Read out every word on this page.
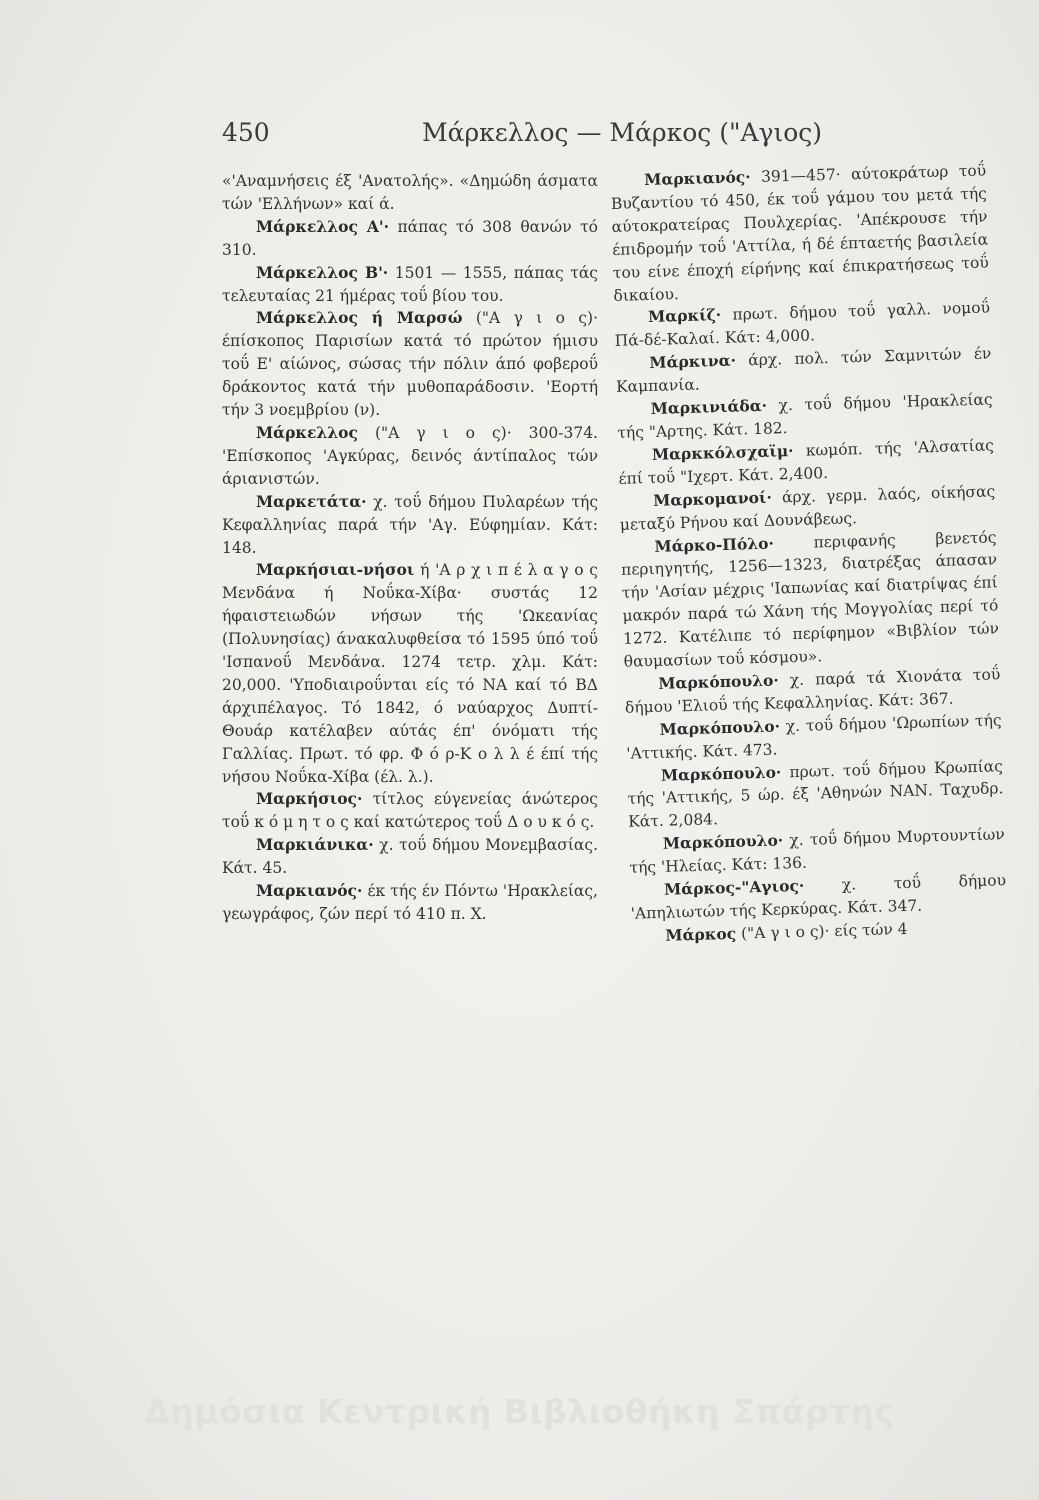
450	Μάρκελλος — Μάρκος ("Αγιος)

«'Αναμνήσεις έξ 'Ανατολής». «Δημώδη άσματα τών 'Ελλήνων» καί ά.

Μάρκελλος Α'· πάπας τό 308 θανών τό 310.

Μάρκελλος Β'· 1501 — 1555, πάπας τάς τελευταίας 21 ήμέρας τοΰ βίου του.

Μάρκελλος ή Μαρσώ ("Α γ ι ο ς)· έπίσκοπος Παρισίων κατά τό πρώτον ήμισυ τοΰ Ε' αίώνος, σώσας τήν πόλιν άπό φοβεροΰ δράκοντος κατά τήν μυθοπαράδοσιν. 'Εορτή τήν 3 νοεμβρίου (ν).

Μάρκελλος ("Α γ ι ο ς)· 300-374. 'Επίσκοπος 'Αγκύρας, δεινός άντίπαλος τών άριανιστών.

Μαρκετάτα· χ. τοΰ δήμου Πυλαρέων τής Κεφαλληνίας παρά τήν 'Αγ. Εύφημίαν. Κάτ: 148.

Μαρκήσιαι-νήσοι ή 'Α ρ χ ι π έ λ α γ ο ς Μενδάνα ή Νοΰκα-Χίβα· συστάς 12 ήφαιστειωδών νήσων τής 'Ωκεανίας (Πολυνησίας) άνακαλυφθείσα τό 1595 ύπό τοΰ 'Ισπανοΰ Μενδάνα. 1274 τετρ. χλμ. Κάτ: 20,000. 'Υποδιαιροΰνται είς τό ΝΑ καί τό ΒΔ άρχιπέλαγος. Τό 1842, ό ναύαρχος Δυπτί-Θουάρ κατέλαβεν αύτάς έπ' όνόματι τής Γαλλίας. Πρωτ. τό φρ. Φ ό ρ-Κ ο λ λ έ έπί τής νήσου Νοΰκα-Χίβα (έλ. λ.).

Μαρκήσιος· τίτλος εύγενείας άνώτερος τοΰ κ ό μ η τ ο ς καί κατώτερος τοΰ Δ ο υ κ ό ς.

Μαρκιάνικα· χ. τοΰ δήμου Μονεμβασίας. Κάτ. 45.

Μαρκιανός· έκ τής έν Πόντω 'Ηρακλείας, γεωγράφος, ζών περί τό 410 π. Χ.

Μαρκιανός· 391—457· αύτοκράτωρ τοΰ Βυζαντίου τό 450, έκ τοΰ γάμου του μετά τής αύτοκρατείρας Πουλχερίας. 'Απέκρουσε τήν έπιδρομήν τοΰ 'Αττίλα, ή δέ έπταετής βασιλεία του είνε έποχή είρήνης καί έπικρατήσεως τοΰ δικαίου.

Μαρκίζ· πρωτ. δήμου τοΰ γαλλ. νομοΰ Πά-δέ-Καλαί. Κάτ: 4,000.

Μάρκινα· άρχ. πολ. τών Σαμνιτών έν Καμπανία.

Μαρκινιάδα· χ. τοΰ δήμου 'Ηρακλείας τής "Αρτης. Κάτ. 182.

Μαρκκόλσχαϊμ· κωμόπ. τής 'Αλσατίας έπί τοΰ "Ιχερτ. Κάτ. 2,400.

Μαρκομανοί· άρχ. γερμ. λαός, οίκήσας μεταξύ Ρήνου καί Δουνάβεως.

Μάρκο-Πόλο·	περιφανής βενετός περιηγητής, 1256—1323, διατρέξας άπασαν τήν 'Ασίαν μέχρις 'Ιαπωνίας καί διατρίψας έπί μακρόν παρά τώ Χάνη τής Μογγολίας περί τό 1272. Κατέλιπε τό περίφημον «Βιβλίον τών θαυμασίων τοΰ κόσμου».

Μαρκόπουλο· χ. παρά τά Χιονάτα τοΰ δήμου 'Ελιοΰ τής Κεφαλληνίας. Κάτ: 367.

Μαρκόπουλο· χ. τοΰ δήμου 'Ωρωπίων τής 'Αττικής. Κάτ. 473.

Μαρκόπουλο· πρωτ. τοΰ δήμου Κρωπίας τής 'Αττικής, 5 ώρ. έξ 'Αθηνών ΝΑΝ. Ταχυδρ. Κάτ. 2,084.

Μαρκόπουλο· χ. τοΰ δήμου Μυρτουντίων τής 'Ηλείας. Κάτ: 136.

Μάρκος-"Αγιος· χ. τοΰ δήμου 'Απηλιωτών τής Κερκύρας. Κάτ. 347.

Μάρκος ("Α γ ι ο ς)· είς τών 4

Δημόσια Κεντρική Βιβλιοθήκη Σπάρτης
